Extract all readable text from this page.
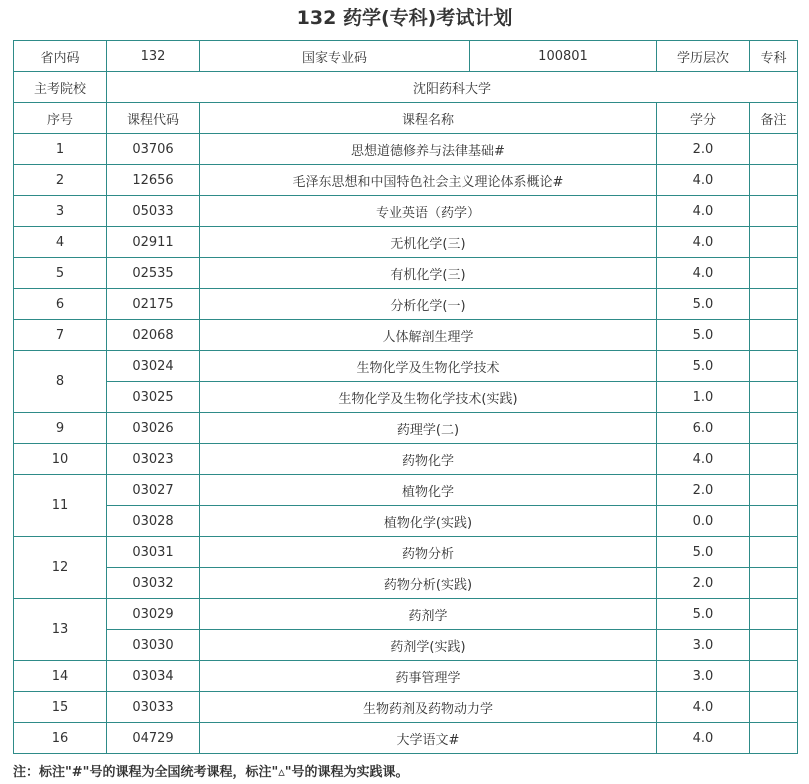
132 药学(专科)考试计划
省内码	132	国家专业码	100801	学历层次	专科
主考院校	沈阳药科大学				
序号	课程代码	课程名称		学分	备注
1	03706	思想道德修养与法律基础#		2.0	
2	12656	毛泽东思想和中国特色社会主义理论体系概论#		4.0	
3	05033	专业英语（药学）		4.0	
4	02911	无机化学(三)		4.0	
5	02535	有机化学(三)		4.0	
6	02175	分析化学(一)		5.0	
7	02068	人体解剖生理学		5.0	
8	03024	生物化学及生物化学技术		5.0	
	03025	生物化学及生物化学技术(实践)		1.0	
9	03026	药理学(二)		6.0	
10	03023	药物化学		4.0	
11	03027	植物化学		2.0	
	03028	植物化学(实践)		0.0	
12	03031	药物分析		5.0	
	03032	药物分析(实践)		2.0	
13	03029	药剂学		5.0	
	03030	药剂学(实践)		3.0	
14	03034	药事管理学		3.0	
15	03033	生物药剂及药物动力学		4.0	
16	04729	大学语文#		4.0	
注：标注"#"号的课程为全国统考课程，标注"▵"号的课程为实践课。
